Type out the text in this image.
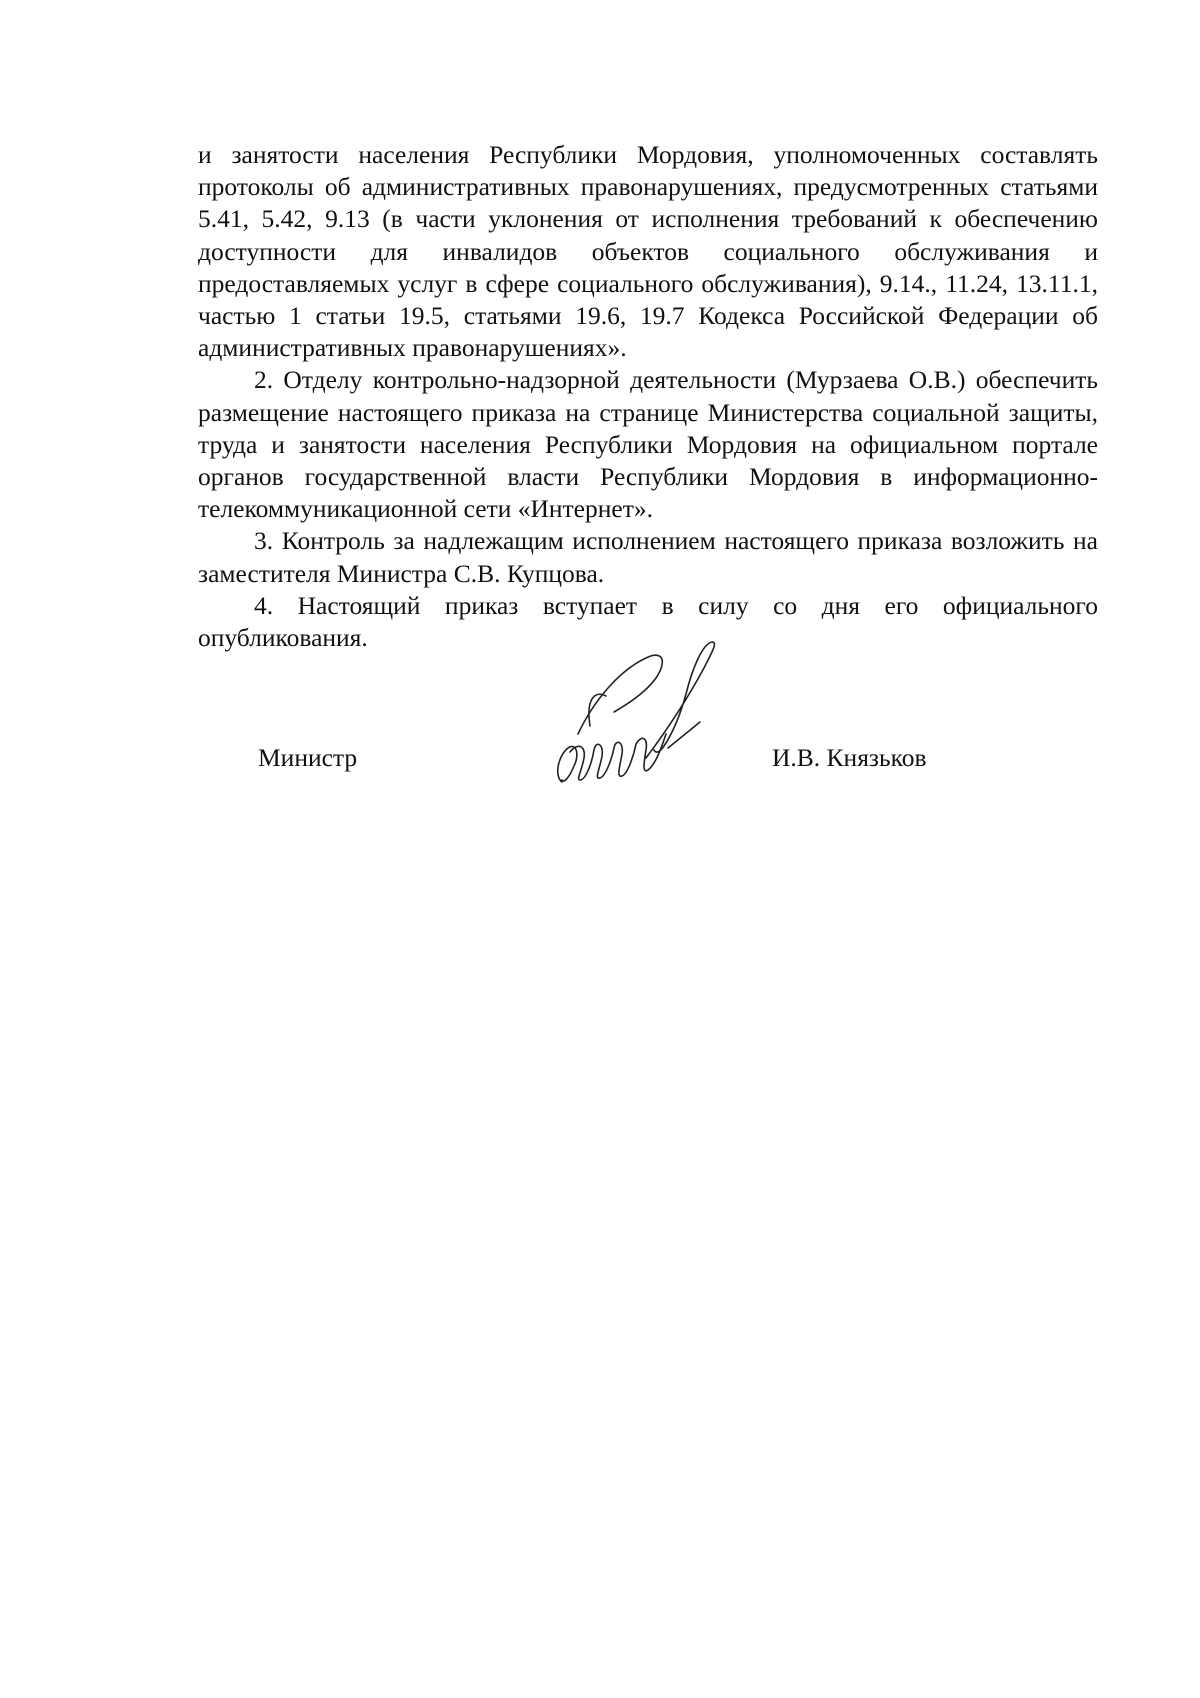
и занятости населения Республики Мордовия, уполномоченных составлять протоколы об административных правонарушениях, предусмотренных статьями 5.41, 5.42, 9.13 (в части уклонения от исполнения требований к обеспечению доступности для инвалидов объектов социального обслуживания и предоставляемых услуг в сфере социального обслуживания), 9.14., 11.24, 13.11.1, частью 1 статьи 19.5, статьями 19.6, 19.7 Кодекса Российской Федерации об административных правонарушениях».

2. Отделу контрольно-надзорной деятельности (Мурзаева О.В.) обеспечить размещение настоящего приказа на странице Министерства социальной защиты, труда и занятости населения Республики Мордовия на официальном портале органов государственной власти Республики Мордовия в информационно-телекоммуникационной сети «Интернет».

3. Контроль за надлежащим исполнением настоящего приказа возложить на заместителя Министра С.В. Купцова.

4. Настоящий приказ вступает в силу со дня его официального опубликования.

Министр	И.В. Князьков
